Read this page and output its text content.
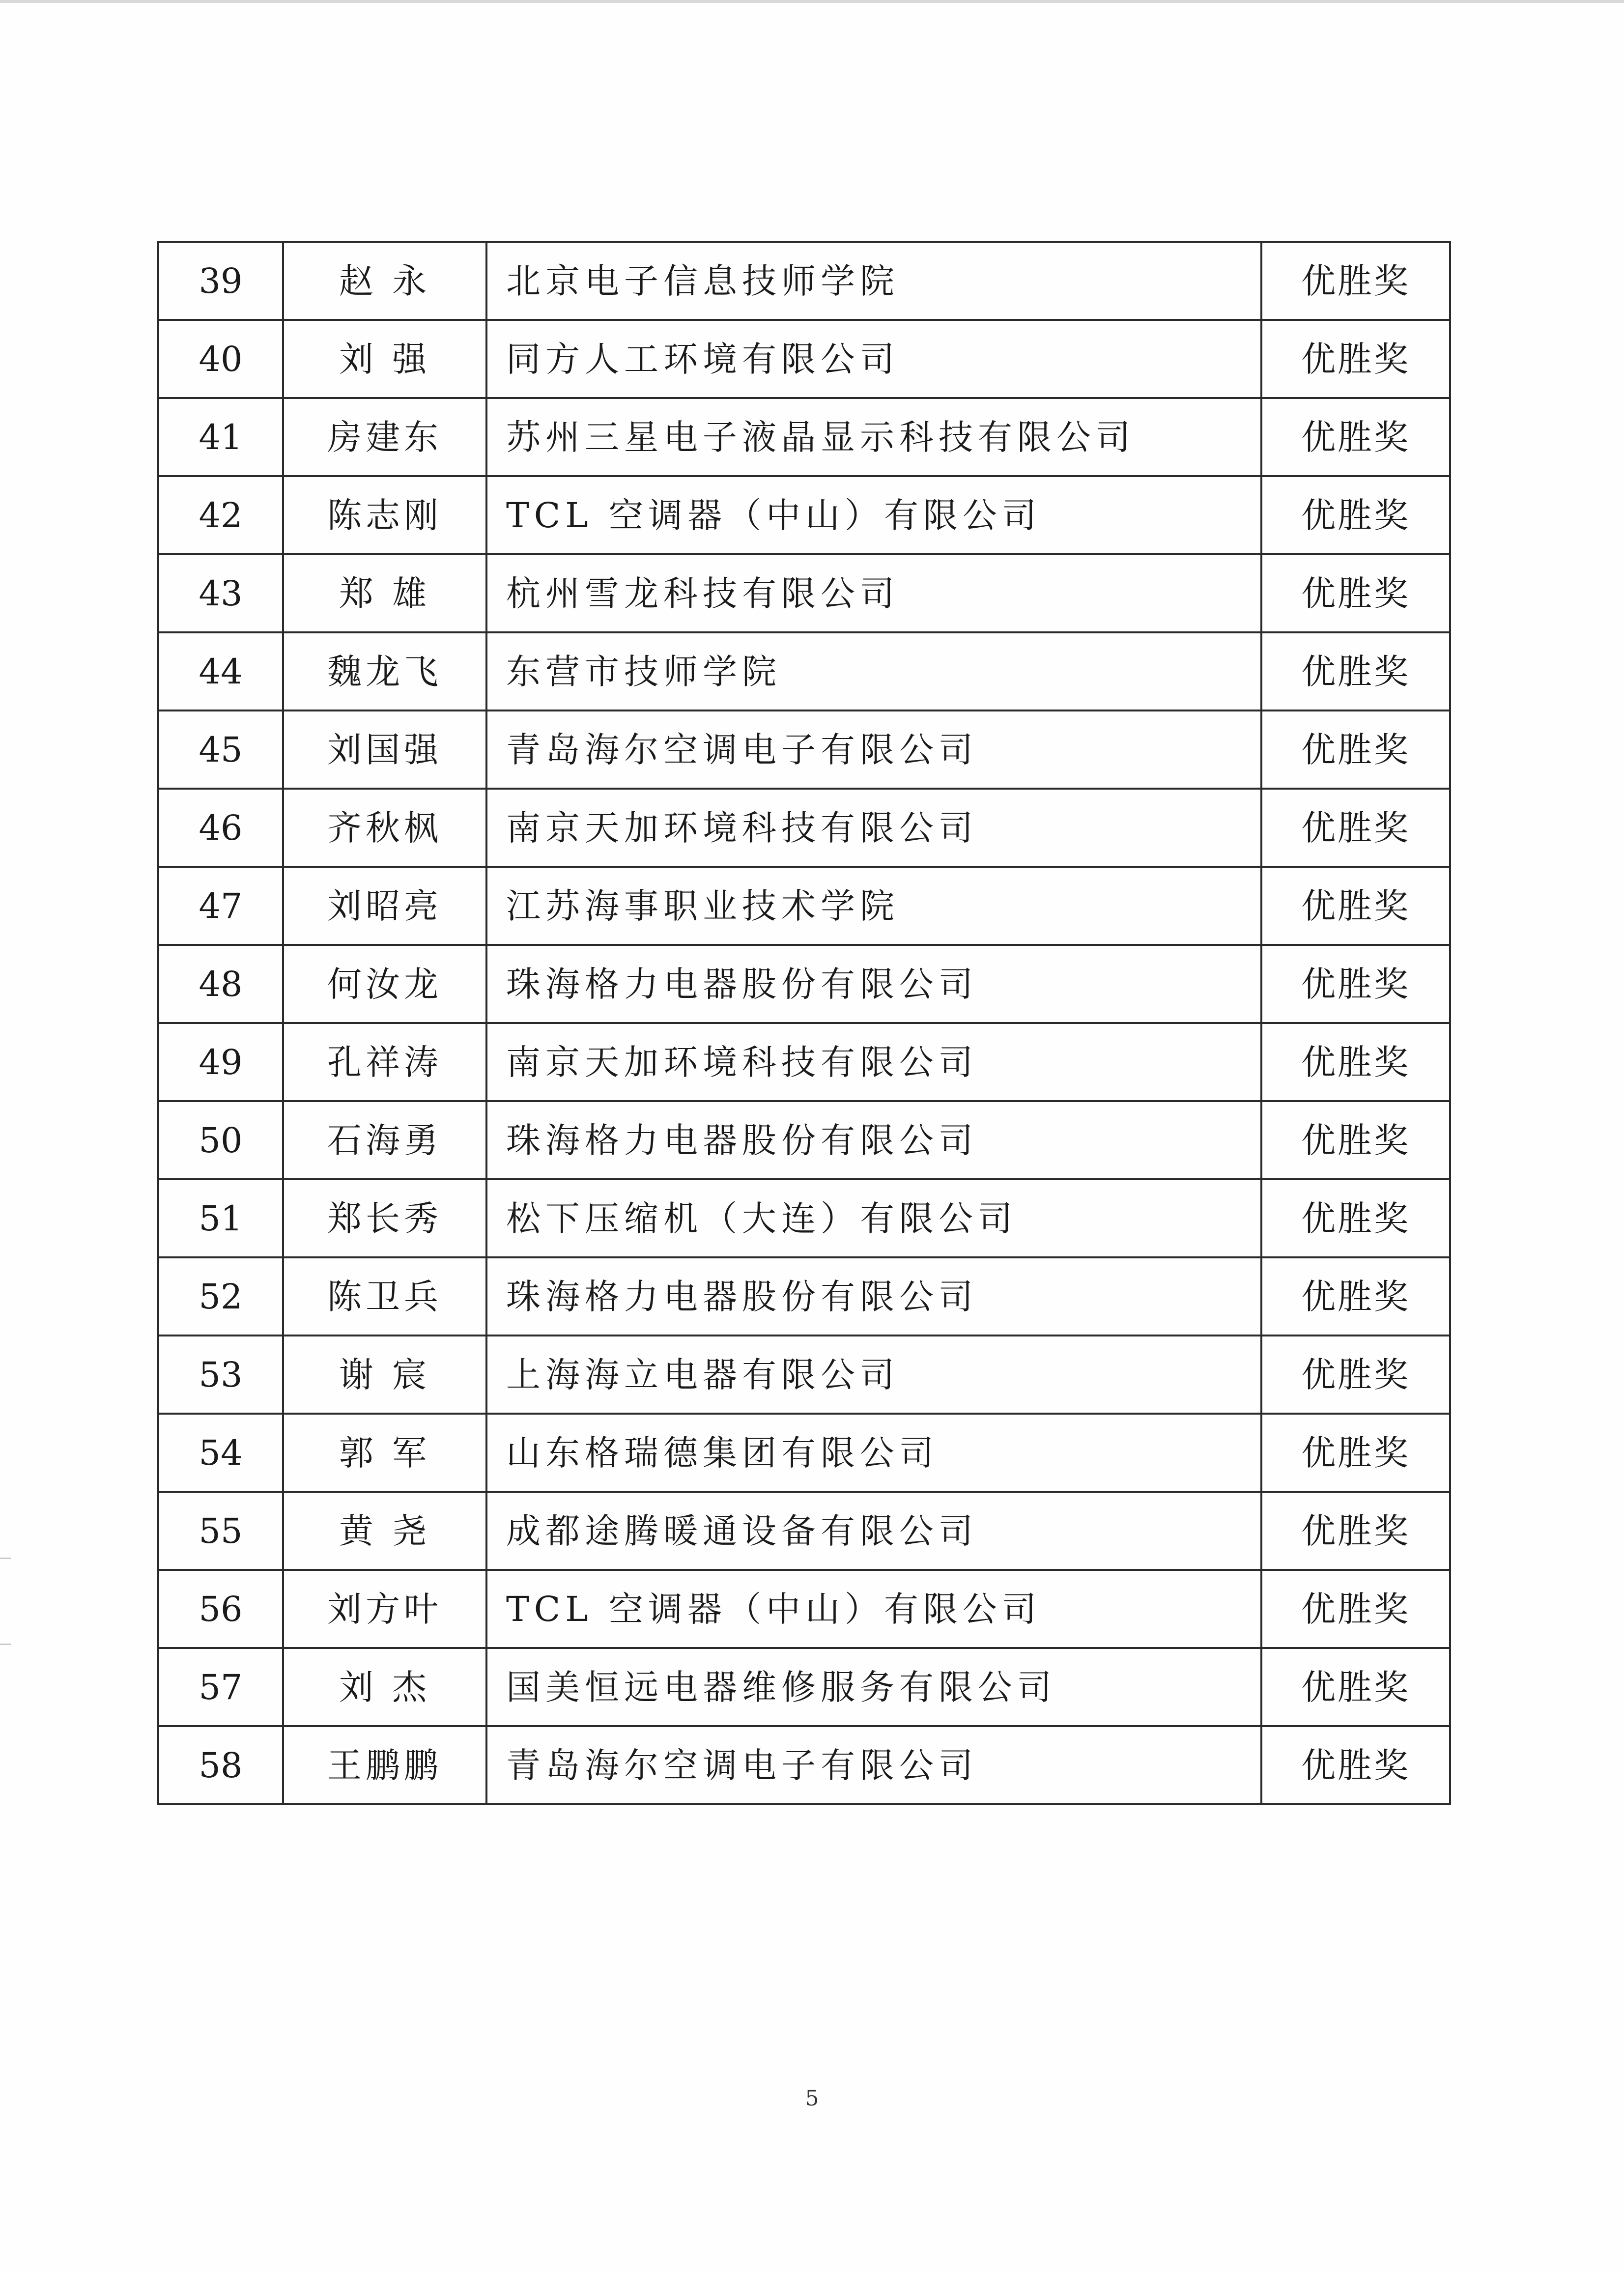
39	赵 永	北京电子信息技师学院	优胜奖
40	刘 强	同方人工环境有限公司	优胜奖
41	房建东	苏州三星电子液晶显示科技有限公司	优胜奖
42	陈志刚	TCL 空调器（中山）有限公司	优胜奖
43	郑 雄	杭州雪龙科技有限公司	优胜奖
44	魏龙飞	东营市技师学院	优胜奖
45	刘国强	青岛海尔空调电子有限公司	优胜奖
46	齐秋枫	南京天加环境科技有限公司	优胜奖
47	刘昭亮	江苏海事职业技术学院	优胜奖
48	何汝龙	珠海格力电器股份有限公司	优胜奖
49	孔祥涛	南京天加环境科技有限公司	优胜奖
50	石海勇	珠海格力电器股份有限公司	优胜奖
51	郑长秀	松下压缩机（大连）有限公司	优胜奖
52	陈卫兵	珠海格力电器股份有限公司	优胜奖
53	谢 宸	上海海立电器有限公司	优胜奖
54	郭 军	山东格瑞德集团有限公司	优胜奖
55	黄 尧	成都途腾暖通设备有限公司	优胜奖
56	刘方叶	TCL 空调器（中山）有限公司	优胜奖
57	刘 杰	国美恒远电器维修服务有限公司	优胜奖
58	王鹏鹏	青岛海尔空调电子有限公司	优胜奖
5
